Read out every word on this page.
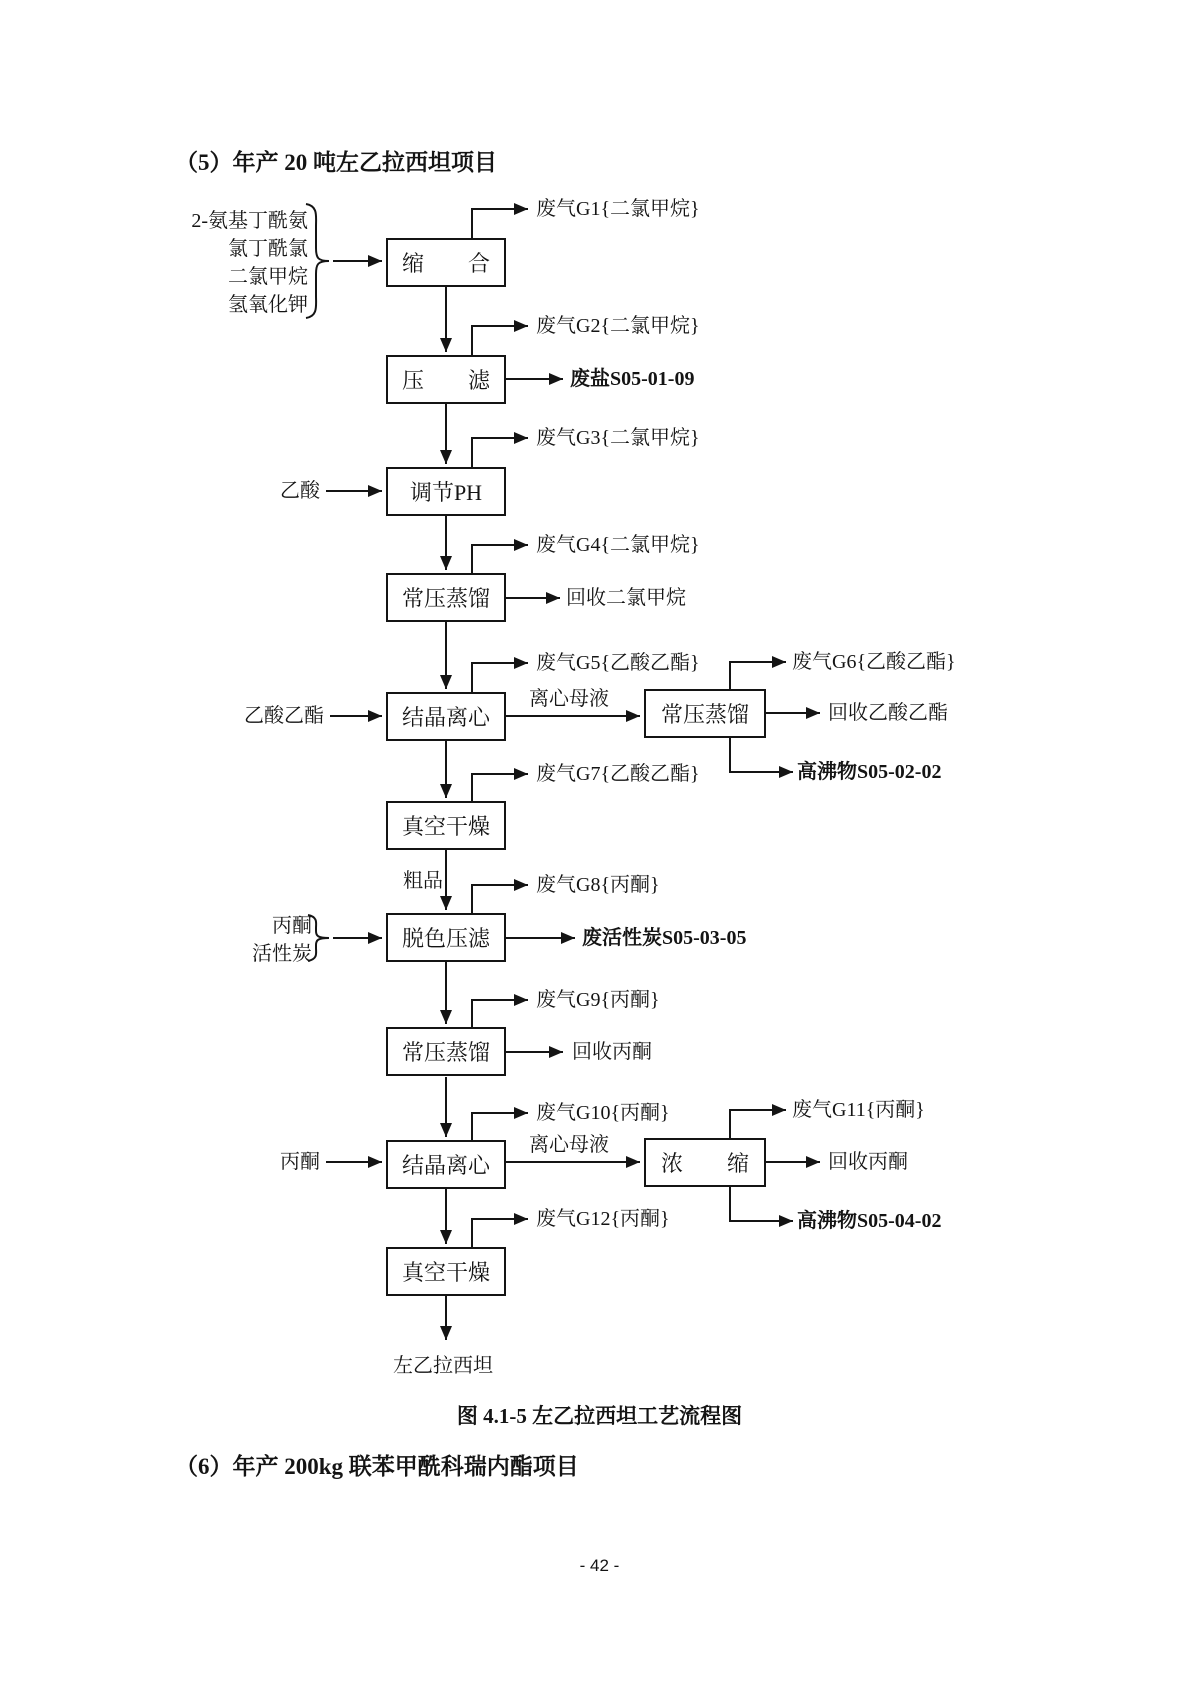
（5）年产 20 吨左乙拉西坦项目
缩　　合
压　　滤
调节PH
常压蒸馏
结晶离心
真空干燥
脱色压滤
常压蒸馏
结晶离心
真空干燥
常压蒸馏
浓　　缩
2-氨基丁酰氨
氯丁酰氯
二氯甲烷
氢氧化钾
乙酸
乙酸乙酯
丙酮
活性炭
丙酮
废气G1{二氯甲烷}
废气G2{二氯甲烷}
废气G3{二氯甲烷}
废气G4{二氯甲烷}
废气G5{乙酸乙酯}	废气G6{乙酸乙酯}
废气G7{乙酸乙酯}
废气G8{丙酮}
废气G9{丙酮}
废气G10{丙酮}	废气G11{丙酮}
废气G12{丙酮}
废盐S05-01-09
高沸物S05-02-02
废活性炭S05-03-05
高沸物S05-04-02
回收二氯甲烷
回收乙酸乙酯
回收丙酮
回收丙酮
离心母液
粗品
离心母液
左乙拉西坦
图 4.1-5 左乙拉西坦工艺流程图
（6）年产 200kg 联苯甲酰科瑞内酯项目
- 42 -
